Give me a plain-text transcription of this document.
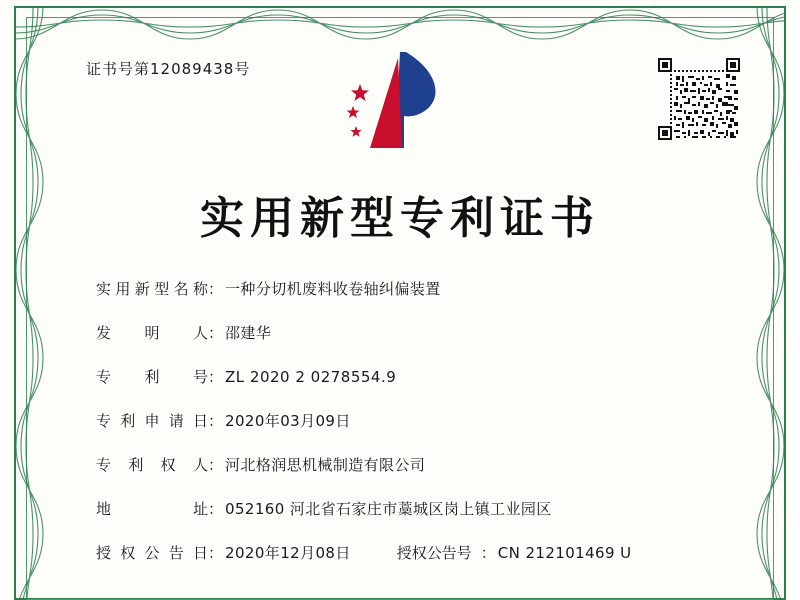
证书号第12089438号
实用新型专利证书
实用新型名称 ： 一种分切机废料收卷轴纠偏装置
发明人 ： 邵建华
专利号 ： ZL 2020 2 0278554.9
专利申请日 ： 2020年03月09日
专利权人 ： 河北格润思机械制造有限公司
地址 ： 052160 河北省石家庄市藁城区岗上镇工业园区
授权公告日 ： 2020年12月08日	授权公告号 ： CN 212101469 U
